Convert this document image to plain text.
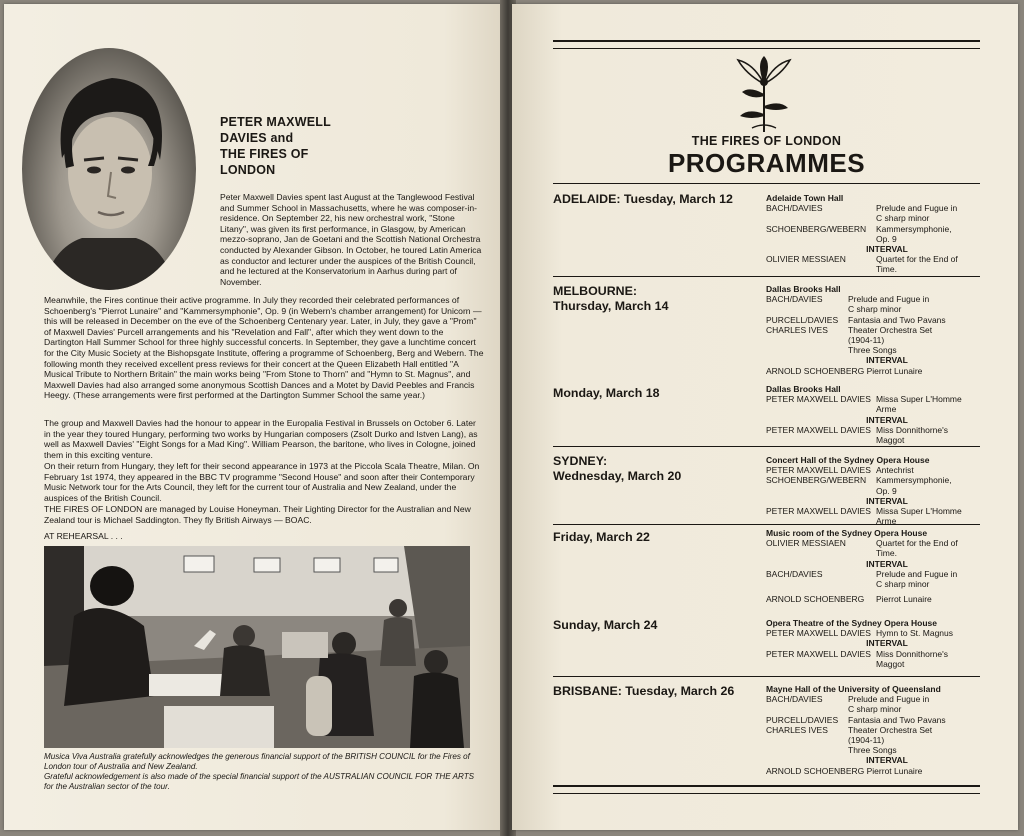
PETER MAXWELL
DAVIES and
THE FIRES OF
LONDON
Peter Maxwell Davies spent last August at the Tanglewood Festival and Summer School in Massachusetts, where he was composer-in-residence. On September 22, his new orchestral work, "Stone Litany", was given its first performance, in Glasgow, by American mezzo-soprano, Jan de Goetani and the Scottish National Orchestra conducted by Alexander Gibson. In October, he toured Latin America as conductor and lecturer under the auspices of the British Council, and he lectured at the Konservatorium in Aarhus during part of November.
Meanwhile, the Fires continue their active programme. In July they recorded their celebrated performances of Schoenberg's "Pierrot Lunaire" and "Kammersymphonie", Op. 9 (in Webern's chamber arrangement) for Unicorn — this will be released in December on the eve of the Schoenberg Centenary year. Later, in July, they gave a "Prom" of Maxwell Davies' Purcell arrangements and his "Revelation and Fall", after which they went down to the Dartington Hall Summer School for three highly successful concerts. In September, they gave a lunchtime concert for the City Music Society at the Bishopsgate Institute, offering a programme of Schoenberg, Berg and Webern. The following month they received excellent press reviews for their concert at the Queen Elizabeth Hall entitled "A Musical Tribute to Northern Britain" the main works being "From Stone to Thorn" and "Hymn to St. Magnus", and Maxwell Davies had also arranged some anonymous Scottish Dances and a Motet by David Peebles and Francis Heegy. (These arrangements were first performed at the Dartington Summer School the same year.)
The group and Maxwell Davies had the honour to appear in the Europalia Festival in Brussels on October 6. Later in the year they toured Hungary, performing two works by Hungarian composers (Zsolt Durko and Istven Lang), as well as Maxwell Davies' "Eight Songs for a Mad King". William Pearson, the baritone, who lives in Cologne, joined them in this exciting venture.
On their return from Hungary, they left for their second appearance in 1973 at the Piccola Scala Theatre, Milan. On February 1st 1974, they appeared in the BBC TV programme "Second House" and soon after their Contemporary Music Network tour for the Arts Council, they left for the current tour of Australia and New Zealand, under the auspices of the British Council.
THE FIRES OF LONDON are managed by Louise Honeyman. Their Lighting Director for the Australian and New Zealand tour is Michael Saddington. They fly British Airways — BOAC.
AT REHEARSAL . . .
Musica Viva Australia gratefully acknowledges the generous financial support of the BRITISH COUNCIL for the Fires of London tour of Australia and New Zealand.
Grateful acknowledgement is also made of the special financial support of the AUSTRALIAN COUNCIL FOR THE ARTS for the Australian sector of the tour.
THE FIRES OF LONDON
PROGRAMMES
ADELAIDE: Tuesday, March 12	Adelaide Town Hall
BACH/DAVIES	Prelude and Fugue in
C sharp minor
SCHOENBERG/WEBERN	Kammersymphonie,
Op. 9
INTERVAL
OLIVIER MESSIAEN	Quartet for the End of
Time.
MELBOURNE:
Thursday, March 14
Dallas Brooks Hall
BACH/DAVIES	Prelude and Fugue in
C sharp minor
PURCELL/DAVIES	Fantasia and Two Pavans
CHARLES IVES	Theater Orchestra Set
(1904-11)
Three Songs
INTERVAL
ARNOLD SCHOENBERG Pierrot Lunaire
Monday, March 18	Dallas Brooks Hall
PETER MAXWELL DAVIES Missa Super L'Homme
Arme
INTERVAL
PETER MAXWELL DAVIES Miss Donnithorne's
Maggot
SYDNEY:
Wednesday, March 20
Concert Hall of the Sydney Opera House
PETER MAXWELL DAVIES Antechrist
SCHOENBERG/WEBERN	Kammersymphonie,
Op. 9
INTERVAL
PETER MAXWELL DAVIES Missa Super L'Homme
Arme
Friday, March 22	Music room of the Sydney Opera House
OLIVIER MESSIAEN	Quartet for the End of
Time.
INTERVAL
BACH/DAVIES	Prelude and Fugue in
C sharp minor
ARNOLD SCHOENBERG	Pierrot Lunaire
Sunday, March 24	Opera Theatre of the Sydney Opera House
PETER MAXWELL DAVIES Hymn to St. Magnus
INTERVAL
PETER MAXWELL DAVIES Miss Donnithorne's
Maggot
BRISBANE: Tuesday, March 26	Mayne Hall of the University of Queensland
BACH/DAVIES	Prelude and Fugue in
C sharp minor
PURCELL/DAVIES	Fantasia and Two Pavans
CHARLES IVES	Theater Orchestra Set
(1904-11)
Three Songs
INTERVAL
ARNOLD SCHOENBERG Pierrot Lunaire
